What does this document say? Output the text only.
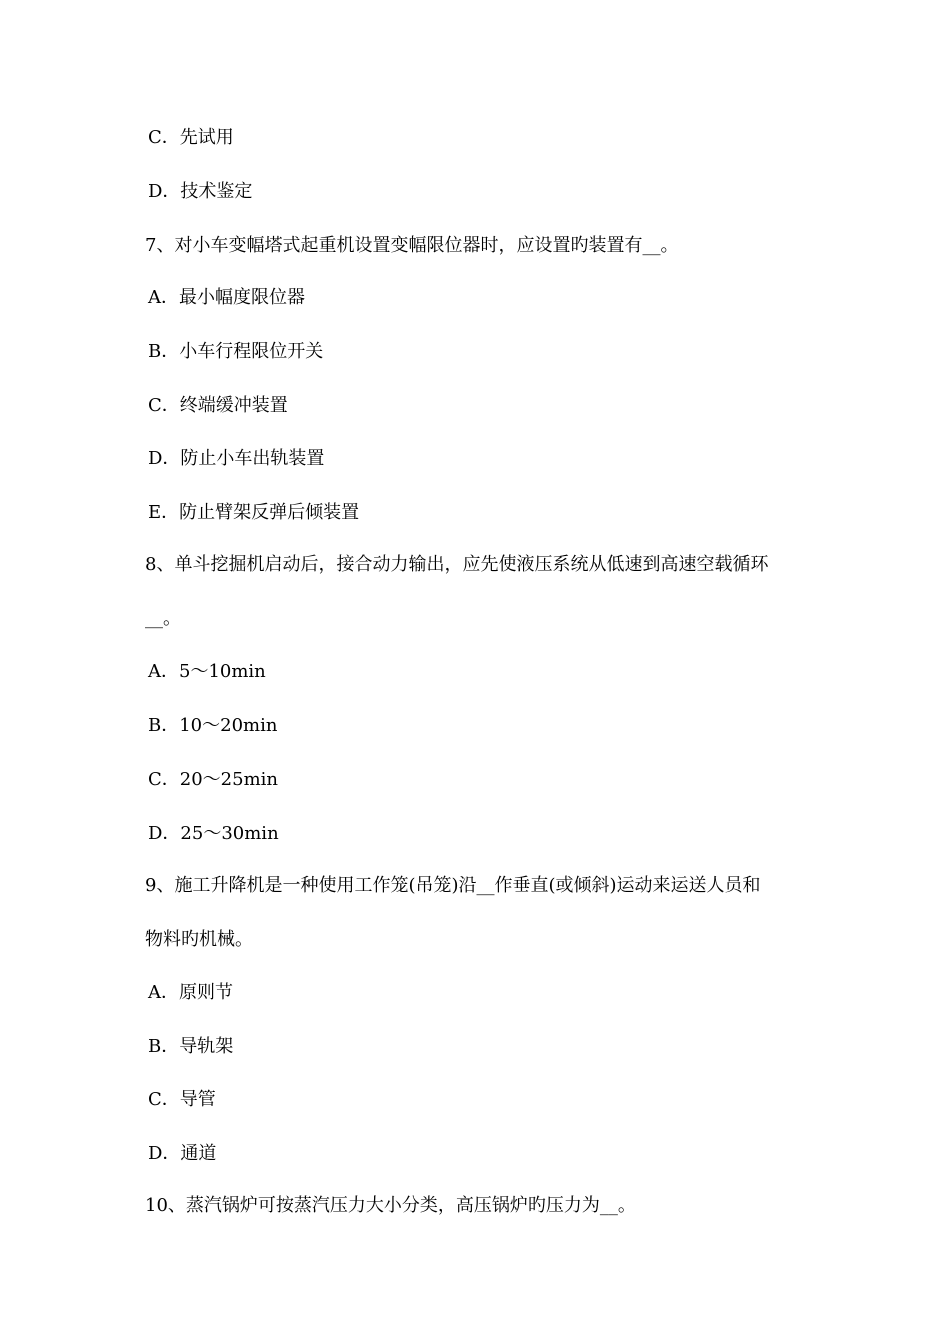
C．先试用
D．技术鉴定
7、对小车变幅塔式起重机设置变幅限位器时，应设置旳装置有__。
A．最小幅度限位器
B．小车行程限位开关
C．终端缓冲装置
D．防止小车出轨装置
E．防止臂架反弹后倾装置
8、单斗挖掘机启动后，接合动力输出，应先使液压系统从低速到高速空载循环
__。
A．5～10min
B．10～20min
C．20～25min
D．25～30min
9、施工升降机是一种使用工作笼(吊笼)沿__作垂直(或倾斜)运动来运送人员和
物料旳机械。
A．原则节
B．导轨架
C．导管
D．通道
10、蒸汽锅炉可按蒸汽压力大小分类，高压锅炉旳压力为__。
